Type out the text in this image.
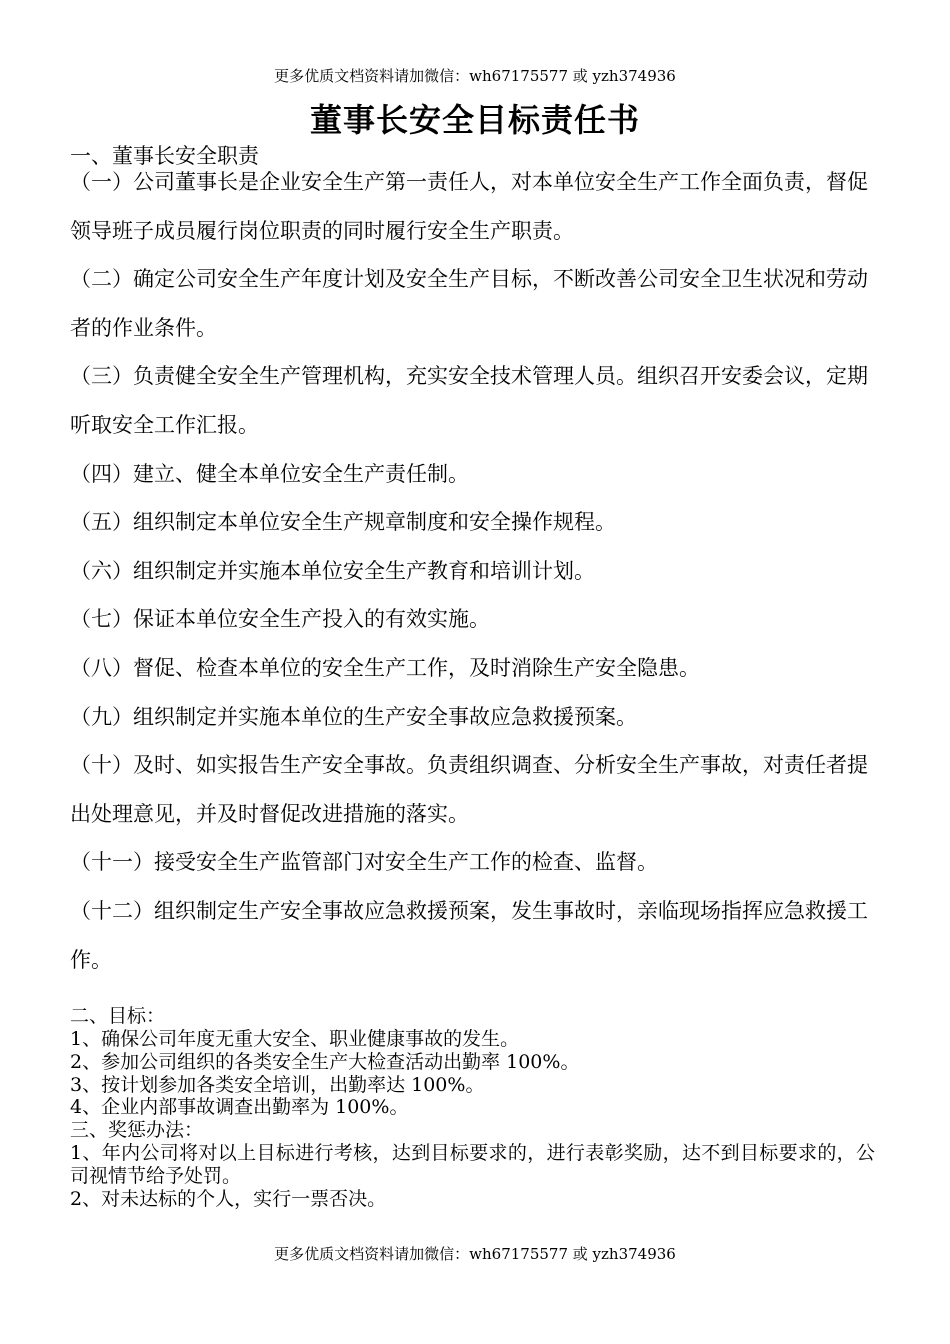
更多优质文档资料请加微信：wh67175577 或 yzh374936
董事长安全目标责任书
一、董事长安全职责
（一）公司董事长是企业安全生产第一责任人，对本单位安全生产工作全面负责，督促领导班子成员履行岗位职责的同时履行安全生产职责。
（二）确定公司安全生产年度计划及安全生产目标，不断改善公司安全卫生状况和劳动者的作业条件。
（三）负责健全安全生产管理机构，充实安全技术管理人员。组织召开安委会议，定期听取安全工作汇报。
（四）建立、健全本单位安全生产责任制。
（五）组织制定本单位安全生产规章制度和安全操作规程。
（六）组织制定并实施本单位安全生产教育和培训计划。
（七）保证本单位安全生产投入的有效实施。
（八）督促、检查本单位的安全生产工作，及时消除生产安全隐患。
（九）组织制定并实施本单位的生产安全事故应急救援预案。
（十）及时、如实报告生产安全事故。负责组织调查、分析安全生产事故，对责任者提出处理意见，并及时督促改进措施的落实。
（十一）接受安全生产监管部门对安全生产工作的检查、监督。
（十二）组织制定生产安全事故应急救援预案，发生事故时，亲临现场指挥应急救援工作。
二、目标：
1、确保公司年度无重大安全、职业健康事故的发生。
2、参加公司组织的各类安全生产大检查活动出勤率 100%。
3、按计划参加各类安全培训，出勤率达 100%。
4、企业内部事故调查出勤率为 100%。
三、奖惩办法：
1、年内公司将对以上目标进行考核，达到目标要求的，进行表彰奖励，达不到目标要求的，公司视情节给予处罚。
2、对未达标的个人，实行一票否决。
更多优质文档资料请加微信：wh67175577 或 yzh374936
